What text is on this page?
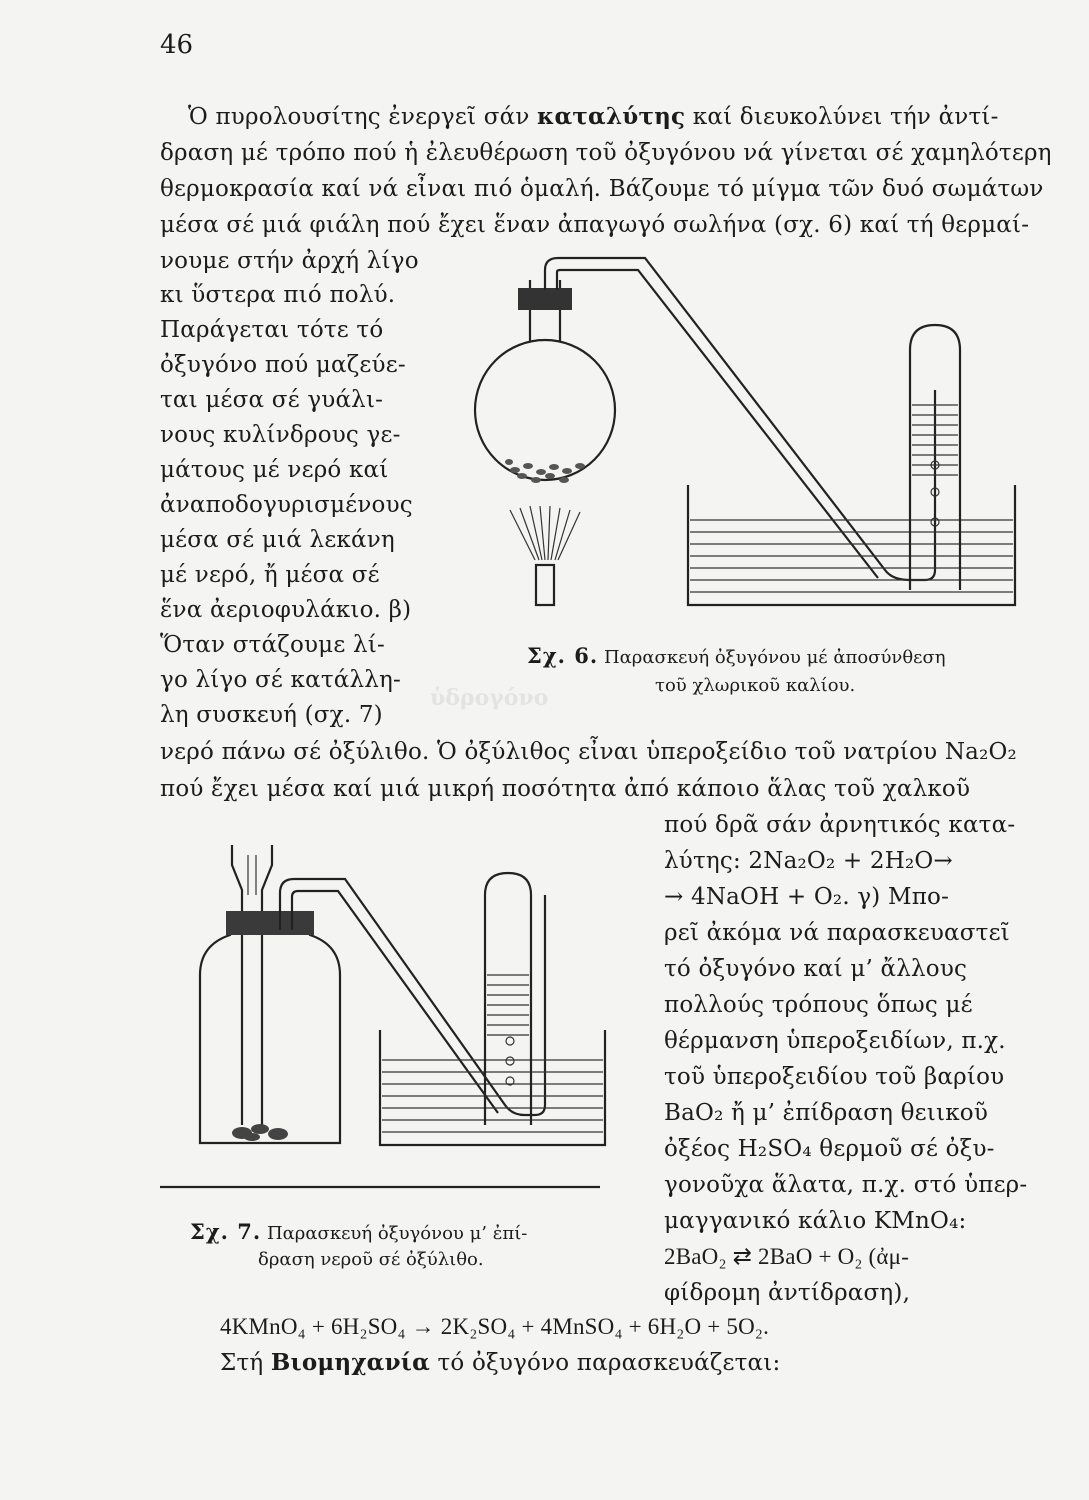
46
ὑδρογόνο
Ὁ πυρολουσίτης ἐνεργεῖ σάν καταλύτης καί διευκολύνει τήν ἀντί-
δραση μέ τρόπο πού ἡ ἐλευθέρωση τοῦ ὀξυγόνου νά γίνεται σέ χαμηλότερη
θερμοκρασία καί νά εἶναι πιό ὁμαλή. Βάζουμε τό μίγμα τῶν δυό σωμάτων
μέσα σέ μιά φιάλη πού ἔχει ἕναν ἀπαγωγό σωλήνα (σχ. 6) καί τή θερμαί-
νουμε στήν ἀρχή λίγο
κι ὕστερα πιό πολύ.
Παράγεται τότε τό
ὀξυγόνο πού μαζεύε-
ται μέσα σέ γυάλι-
νους κυλίνδρους γε-
μάτους μέ νερό καί
ἀναποδογυρισμένους
μέσα σέ μιά λεκάνη
μέ νερό, ἤ μέσα σέ
ἕνα ἀεριοφυλάκιο. β)
Ὅταν στάζουμε λί-
γο λίγο σέ κατάλλη-
λη συσκευή (σχ. 7)
νερό πάνω σέ ὀξύλιθο. Ὁ ὀξύλιθος εἶναι ὑπεροξείδιο τοῦ νατρίου Na₂O₂
πού ἔχει μέσα καί μιά μικρή ποσότητα ἀπό κάποιο ἅλας τοῦ χαλκοῦ
πού δρᾶ σάν ἀρνητικός κατα-
λύτης: 2Na₂O₂ + 2H₂O→
→ 4NaOH + O₂. γ) Μπο-
ρεῖ ἀκόμα νά παρασκευαστεῖ
τό ὀξυγόνο καί μ’ ἄλλους
πολλούς τρόπους ὅπως μέ
θέρμανση ὑπεροξειδίων, π.χ.
τοῦ ὑπεροξειδίου τοῦ βαρίου
BaO₂ ἤ μ’ ἐπίδραση θειικοῦ
ὀξέος H₂SO₄ θερμοῦ σέ ὀξυ-
γονοῦχα ἅλατα, π.χ. στό ὑπερ-
μαγγανικό κάλιο KMnO₄:
2BaO₂ ⇄ 2BaO + O₂ (ἀμ-
φίδρομη ἀντίδραση),
4KMnO₄ + 6H₂SO₄ → 2K₂SO₄ + 4MnSO₄ + 6H₂O + 5O₂.
Στή Βιομηχανία τό ὀξυγόνο παρασκευάζεται:
Σχ. 6. Παρασκευή ὀξυγόνου μέ ἀποσύνθεση
τοῦ χλωρικοῦ καλίου.
Σχ. 7. Παρασκευή ὀξυγόνου μ’ ἐπί-
δραση νεροῦ σέ ὀξύλιθο.
